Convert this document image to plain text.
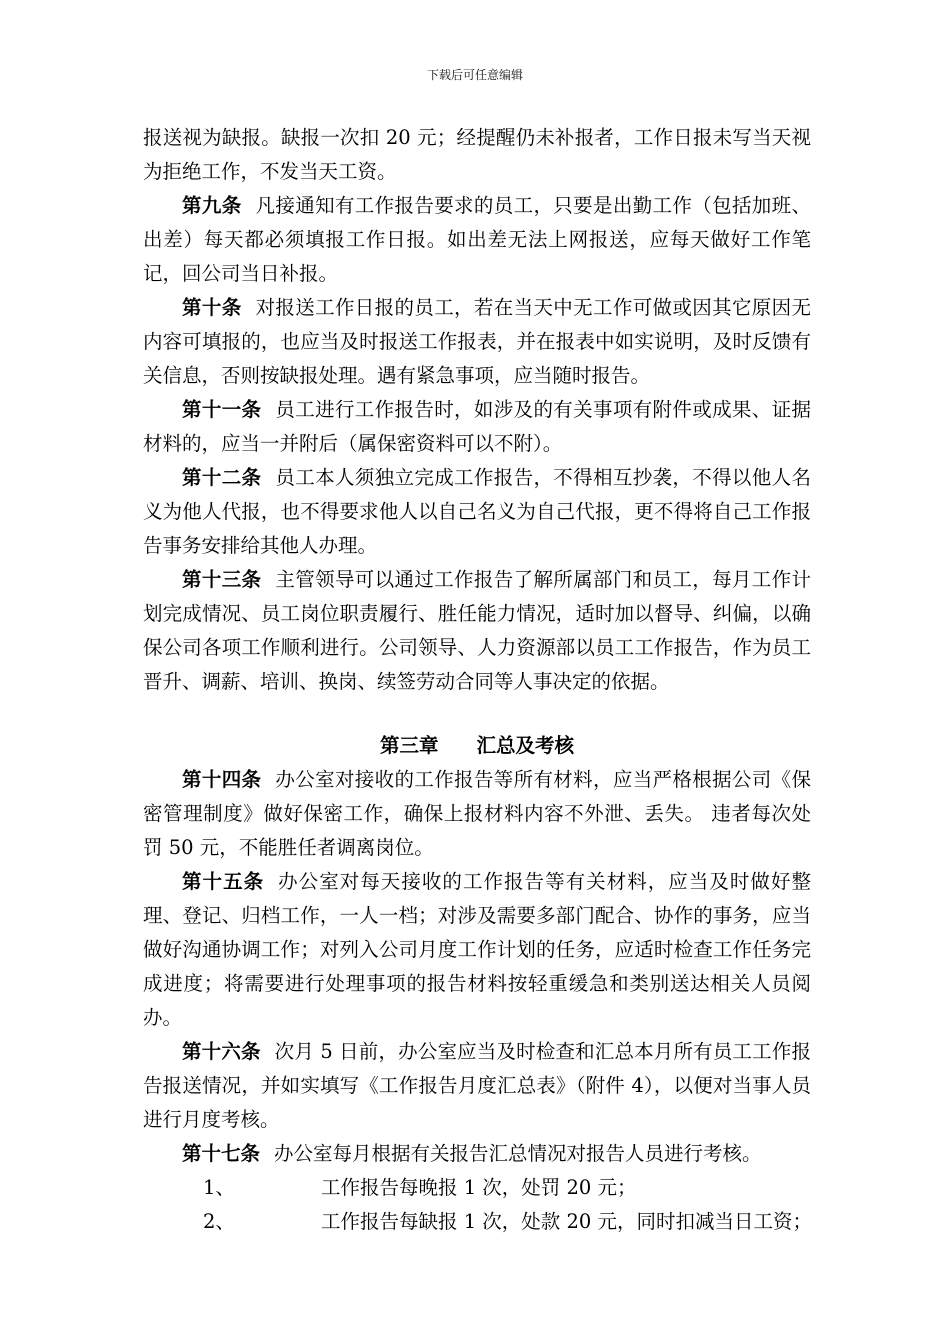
下载后可任意编辑

报送视为缺报。缺报一次扣 20 元；经提醒仍未补报者，工作日报未写当天视为拒绝工作，不发当天工资。

第九条 凡接通知有工作报告要求的员工，只要是出勤工作（包括加班、出差）每天都必须填报工作日报。如出差无法上网报送，应每天做好工作笔记，回公司当日补报。

第十条 对报送工作日报的员工，若在当天中无工作可做或因其它原因无内容可填报的，也应当及时报送工作报表，并在报表中如实说明，及时反馈有关信息，否则按缺报处理。遇有紧急事项，应当随时报告。

第十一条 员工进行工作报告时，如涉及的有关事项有附件或成果、证据材料的，应当一并附后（属保密资料可以不附）。

第十二条 员工本人须独立完成工作报告，不得相互抄袭，不得以他人名义为他人代报，也不得要求他人以自己名义为自己代报，更不得将自己工作报告事务安排给其他人办理。

第十三条 主管领导可以通过工作报告了解所属部门和员工，每月工作计划完成情况、员工岗位职责履行、胜任能力情况，适时加以督导、纠偏，以确保公司各项工作顺利进行。公司领导、人力资源部以员工工作报告，作为员工晋升、调薪、培训、换岗、续签劳动合同等人事决定的依据。

第三章 汇总及考核

第十四条 办公室对接收的工作报告等所有材料，应当严格根据公司《保密管理制度》做好保密工作，确保上报材料内容不外泄、丢失。 违者每次处罚 50 元，不能胜任者调离岗位。

第十五条 办公室对每天接收的工作报告等有关材料，应当及时做好整理、登记、归档工作，一人一档；对涉及需要多部门配合、协作的事务，应当做好沟通协调工作；对列入公司月度工作计划的任务，应适时检查工作任务完成进度；将需要进行处理事项的报告材料按轻重缓急和类别送达相关人员阅办。

第十六条 次月 5 日前，办公室应当及时检查和汇总本月所有员工工作报告报送情况，并如实填写《工作报告月度汇总表》（附件 4），以便对当事人员进行月度考核。

第十七条 办公室每月根据有关报告汇总情况对报告人员进行考核。

1、	工作报告每晚报 1 次，处罚 20 元；

2、	工作报告每缺报 1 次，处款 20 元，同时扣减当日工资；
